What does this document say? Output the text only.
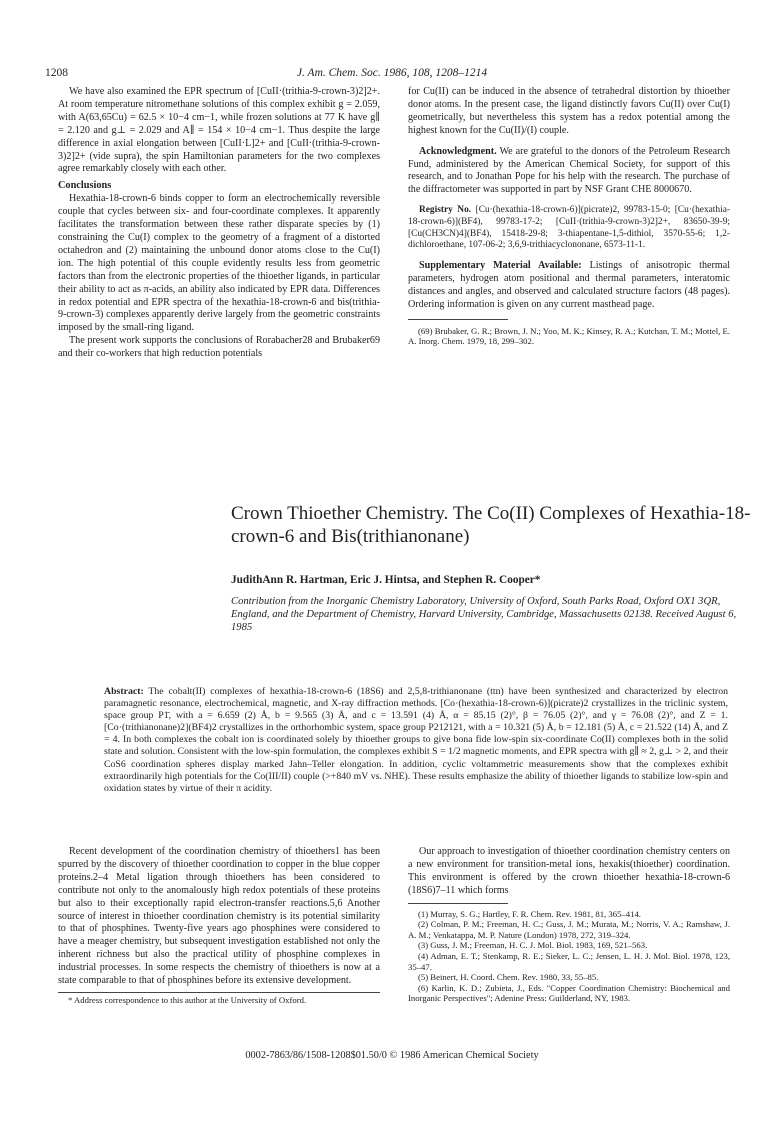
1208	J. Am. Chem. Soc. 1986, 108, 1208–1214

We have also examined the EPR spectrum of [CuII·(trithia-9-crown-3)2]2+. At room temperature nitromethane solutions of this complex exhibit g = 2.059, with A(63,65Cu) = 62.5 × 10−4 cm−1, while frozen solutions at 77 K have g∥ = 2.120 and g⊥ = 2.029 and A∥ = 154 × 10−4 cm−1. Thus despite the large difference in axial elongation between [CuII·L]2+ and [CuII·(trithia-9-crown-3)2]2+ (vide supra), the spin Hamiltonian parameters for the two complexes agree remarkably closely with each other.

Conclusions

Hexathia-18-crown-6 binds copper to form an electrochemically reversible couple that cycles between six- and four-coordinate complexes. It apparently facilitates the transformation between these rather disparate species by (1) constraining the Cu(I) complex to the geometry of a fragment of a distorted octahedron and (2) maintaining the unbound donor atoms close to the Cu(I) ion. The high potential of this couple evidently results less from geometric factors than from the electronic properties of the thioether ligands, in particular their ability to act as π-acids, an ability also indicated by EPR data. Differences in redox potential and EPR spectra of the hexathia-18-crown-6 and bis(trithia-9-crown-3) complexes apparently derive largely from the geometric constraints imposed by the small-ring ligand.

The present work supports the conclusions of Rorabacher28 and Brubaker69 and their co-workers that high reduction potentials

for Cu(II) can be induced in the absence of tetrahedral distortion by thioether donor atoms. In the present case, the ligand distinctly favors Cu(II) over Cu(I) geometrically, but nevertheless this system has a redox potential among the highest known for the Cu(II)/(I) couple.

Acknowledgment. We are grateful to the donors of the Petroleum Research Fund, administered by the American Chemical Society, for support of this research, and to Jonathan Pope for his help with the research. The purchase of the diffractometer was supported in part by NSF Grant CHE 8000670.

Registry No. [Cu·(hexathia-18-crown-6)](picrate)2, 99783-15-0; [Cu·(hexathia-18-crown-6)](BF4), 99783-17-2; [CuII·(trithia-9-crown-3)2]2+, 83650-39-9; [Cu(CH3CN)4](BF4), 15418-29-8; 3-thiapentane-1,5-dithiol, 3570-55-6; 1,2-dichloroethane, 107-06-2; 3,6,9-trithiacyclononane, 6573-11-1.

Supplementary Material Available: Listings of anisotropic thermal parameters, hydrogen atom positional and thermal parameters, interatomic distances and angles, and observed and calculated structure factors (48 pages). Ordering information is given on any current masthead page.

(69) Brubaker, G. R.; Brown, J. N.; Yoo, M. K.; Kinsey, R. A.; Kutchan, T. M.; Mottel, E. A. Inorg. Chem. 1979, 18, 299–302.

Crown Thioether Chemistry. The Co(II) Complexes of Hexathia-18-crown-6 and Bis(trithianonane)
JudithAnn R. Hartman, Eric J. Hintsa, and Stephen R. Cooper*
Contribution from the Inorganic Chemistry Laboratory, University of Oxford, South Parks Road, Oxford OX1 3QR, England, and the Department of Chemistry, Harvard University, Cambridge, Massachusetts 02138. Received August 6, 1985
Abstract: The cobalt(II) complexes of hexathia-18-crown-6 (18S6) and 2,5,8-trithianonane (ttn) have been synthesized and characterized by electron paramagnetic resonance, electrochemical, magnetic, and X-ray diffraction methods. [Co·(hexathia-18-crown-6)](picrate)2 crystallizes in the triclinic system, space group P1̄, with a = 6.659 (2) Å, b = 9.565 (3) Å, and c = 13.591 (4) Å, α = 85.15 (2)°, β = 76.05 (2)°, and γ = 76.08 (2)°, and Z = 1. [Co·(trithianonane)2](BF4)2 crystallizes in the orthorhombic system, space group P212121, with a = 10.321 (5) Å, b = 12.181 (5) Å, c = 21.522 (14) Å, and Z = 4. In both complexes the cobalt ion is coordinated solely by thioether groups to give bona fide low-spin six-coordinate Co(II) complexes both in the solid state and solution. Consistent with the low-spin formulation, the complexes exhibit S = 1/2 magnetic moments, and EPR spectra with g∥ ≈ 2, g⊥ > 2, and their CoS6 coordination spheres display marked Jahn–Teller elongation. In addition, cyclic voltammetric measurements show that the complexes exhibit extraordinarily high potentials for the Co(III/II) couple (>+840 mV vs. NHE). These results emphasize the ability of thioether ligands to stabilize low-spin and oxidation states by virtue of their π acidity.

Recent development of the coordination chemistry of thioethers1 has been spurred by the discovery of thioether coordination to copper in the blue copper proteins.2–4 Metal ligation through thioethers has been considered to contribute not only to the anomalously high redox potentials of these proteins but also to their exceptionally rapid electron-transfer reactions.5,6 Another source of interest in thioether coordination chemistry is its potential similarity to that of phosphines. Twenty-five years ago phosphines were considered to have a meager chemistry, but subsequent investigation established not only the inherent richness but also the practical utility of phosphine complexes in industrial processes. In some respects the chemistry of thioethers is now at a state comparable to that of phosphines before its extensive development.

* Address correspondence to this author at the University of Oxford.

Our approach to investigation of thioether coordination chemistry centers on a new environment for transition-metal ions, hexakis(thioether) coordination. This environment is offered by the crown thioether hexathia-18-crown-6 (18S6)7–11 which forms

(1) Murray, S. G.; Hartley, F. R. Chem. Rev. 1981, 81, 365–414.

(2) Colman, P. M.; Freeman, H. C.; Guss, J. M.; Murata, M.; Norris, V. A.; Ramshaw, J. A. M.; Venkatappa, M. P. Nature (London) 1978, 272, 319–324.

(3) Guss, J. M.; Freeman, H. C. J. Mol. Biol. 1983, 169, 521–563.

(4) Adman, E. T.; Stenkamp, R. E.; Sieker, L. C.; Jensen, L. H. J. Mol. Biol. 1978, 123, 35–47.

(5) Beinert, H. Coord. Chem. Rev. 1980, 33, 55–85.

(6) Karlin, K. D.; Zubieta, J., Eds. "Copper Coordination Chemistry: Biochemical and Inorganic Perspectives"; Adenine Press: Guilderland, NY, 1983.

0002-7863/86/1508-1208$01.50/0 © 1986 American Chemical Society
